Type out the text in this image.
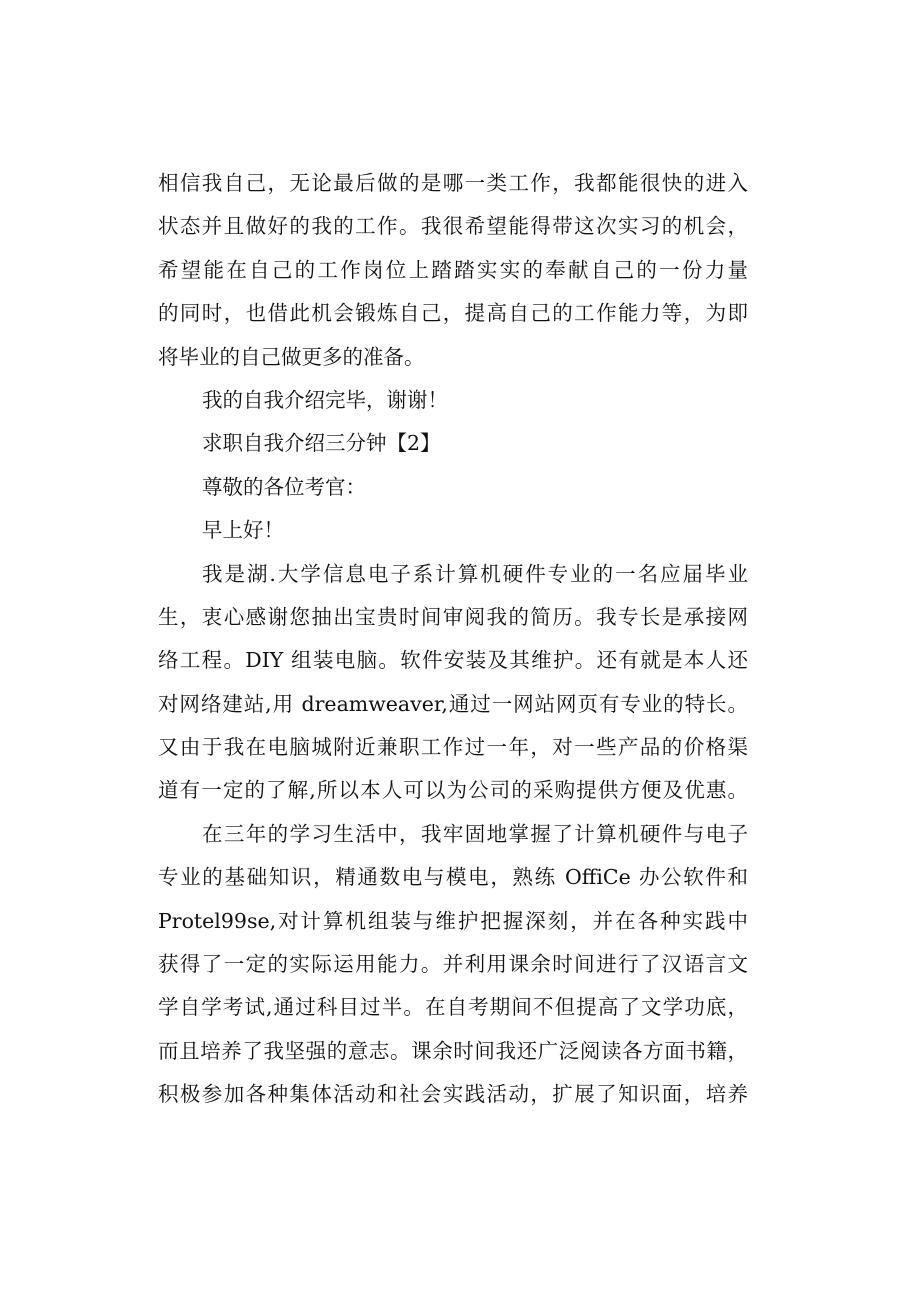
相信我自己，无论最后做的是哪一类工作，我都能很快的进入
状态并且做好的我的工作。我很希望能得带这次实习的机会，
希望能在自己的工作岗位上踏踏实实的奉献自己的一份力量
的同时，也借此机会锻炼自己，提高自己的工作能力等，为即
将毕业的自己做更多的准备。
我的自我介绍完毕，谢谢！
求职自我介绍三分钟【2】
尊敬的各位考官：
早上好！
我是湖.大学信息电子系计算机硬件专业的一名应届毕业
生，衷心感谢您抽出宝贵时间审阅我的简历。我专长是承接网
络工程。DIY 组装电脑。软件安装及其维护。还有就是本人还
对网络建站,用 dreamweaver,通过一网站网页有专业的特长。
又由于我在电脑城附近兼职工作过一年，对一些产品的价格渠
道有一定的了解,所以本人可以为公司的采购提供方便及优惠。
在三年的学习生活中，我牢固地掌握了计算机硬件与电子
专业的基础知识，精通数电与模电，熟练 OffiCe 办公软件和
Protel99se,对计算机组装与维护把握深刻，并在各种实践中
获得了一定的实际运用能力。并利用课余时间进行了汉语言文
学自学考试,通过科目过半。在自考期间不但提高了文学功底，
而且培养了我坚强的意志。课余时间我还广泛阅读各方面书籍，
积极参加各种集体活动和社会实践活动，扩展了知识面，培养
